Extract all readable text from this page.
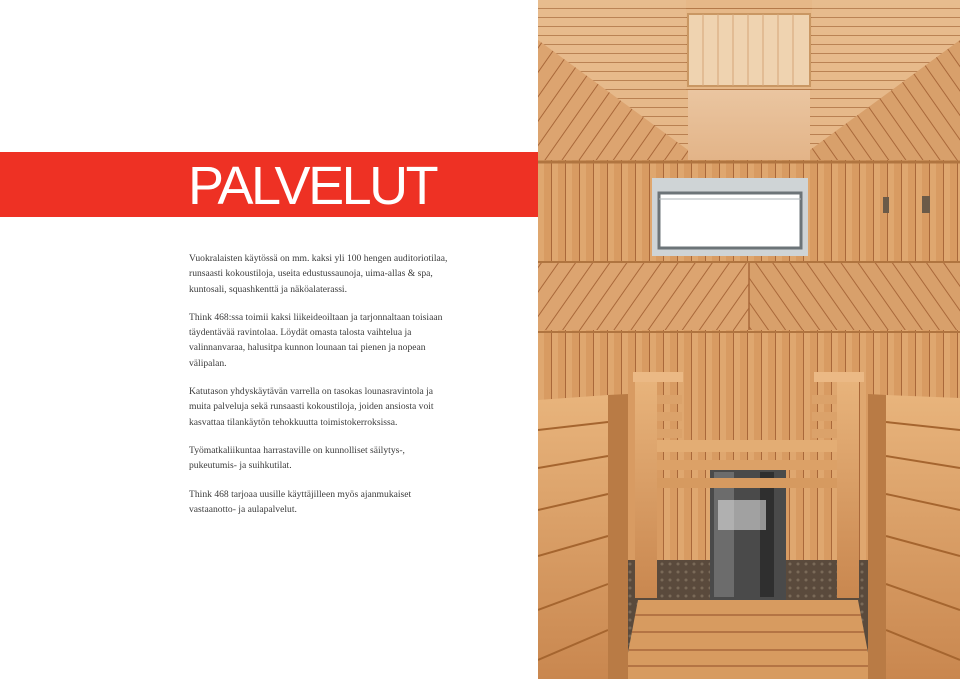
PALVELUT

Vuokralaisten käytössä on mm. kaksi yli 100 hengen auditoriotilaa, runsaasti kokoustiloja, useita edustussaunoja, uima-allas & spa, kuntosali, squashkenttä ja näköalaterassi.

Think 468:ssa toimii kaksi liikeideoiltaan ja tarjonnaltaan toisiaan täydentävää ravintolaa. Löydät omasta talosta vaihtelua ja valinnanvaraa, halusitpa kunnon lounaan tai pienen ja nopean välipalan.

Katutason yhdyskäytävän varrella on tasokas lounasravintola ja muita palveluja sekä runsaasti kokoustiloja, joiden ansiosta voit kasvattaa tilankäytön tehokkuutta toimistokerroksissa.

Työmatkaliikuntaa harrastaville on kunnolliset säilytys-, pukeutumis- ja suihkutilat.

Think 468 tarjoaa uusille käyttäjilleen myös ajanmukaiset vastaanotto- ja aulapalvelut.
